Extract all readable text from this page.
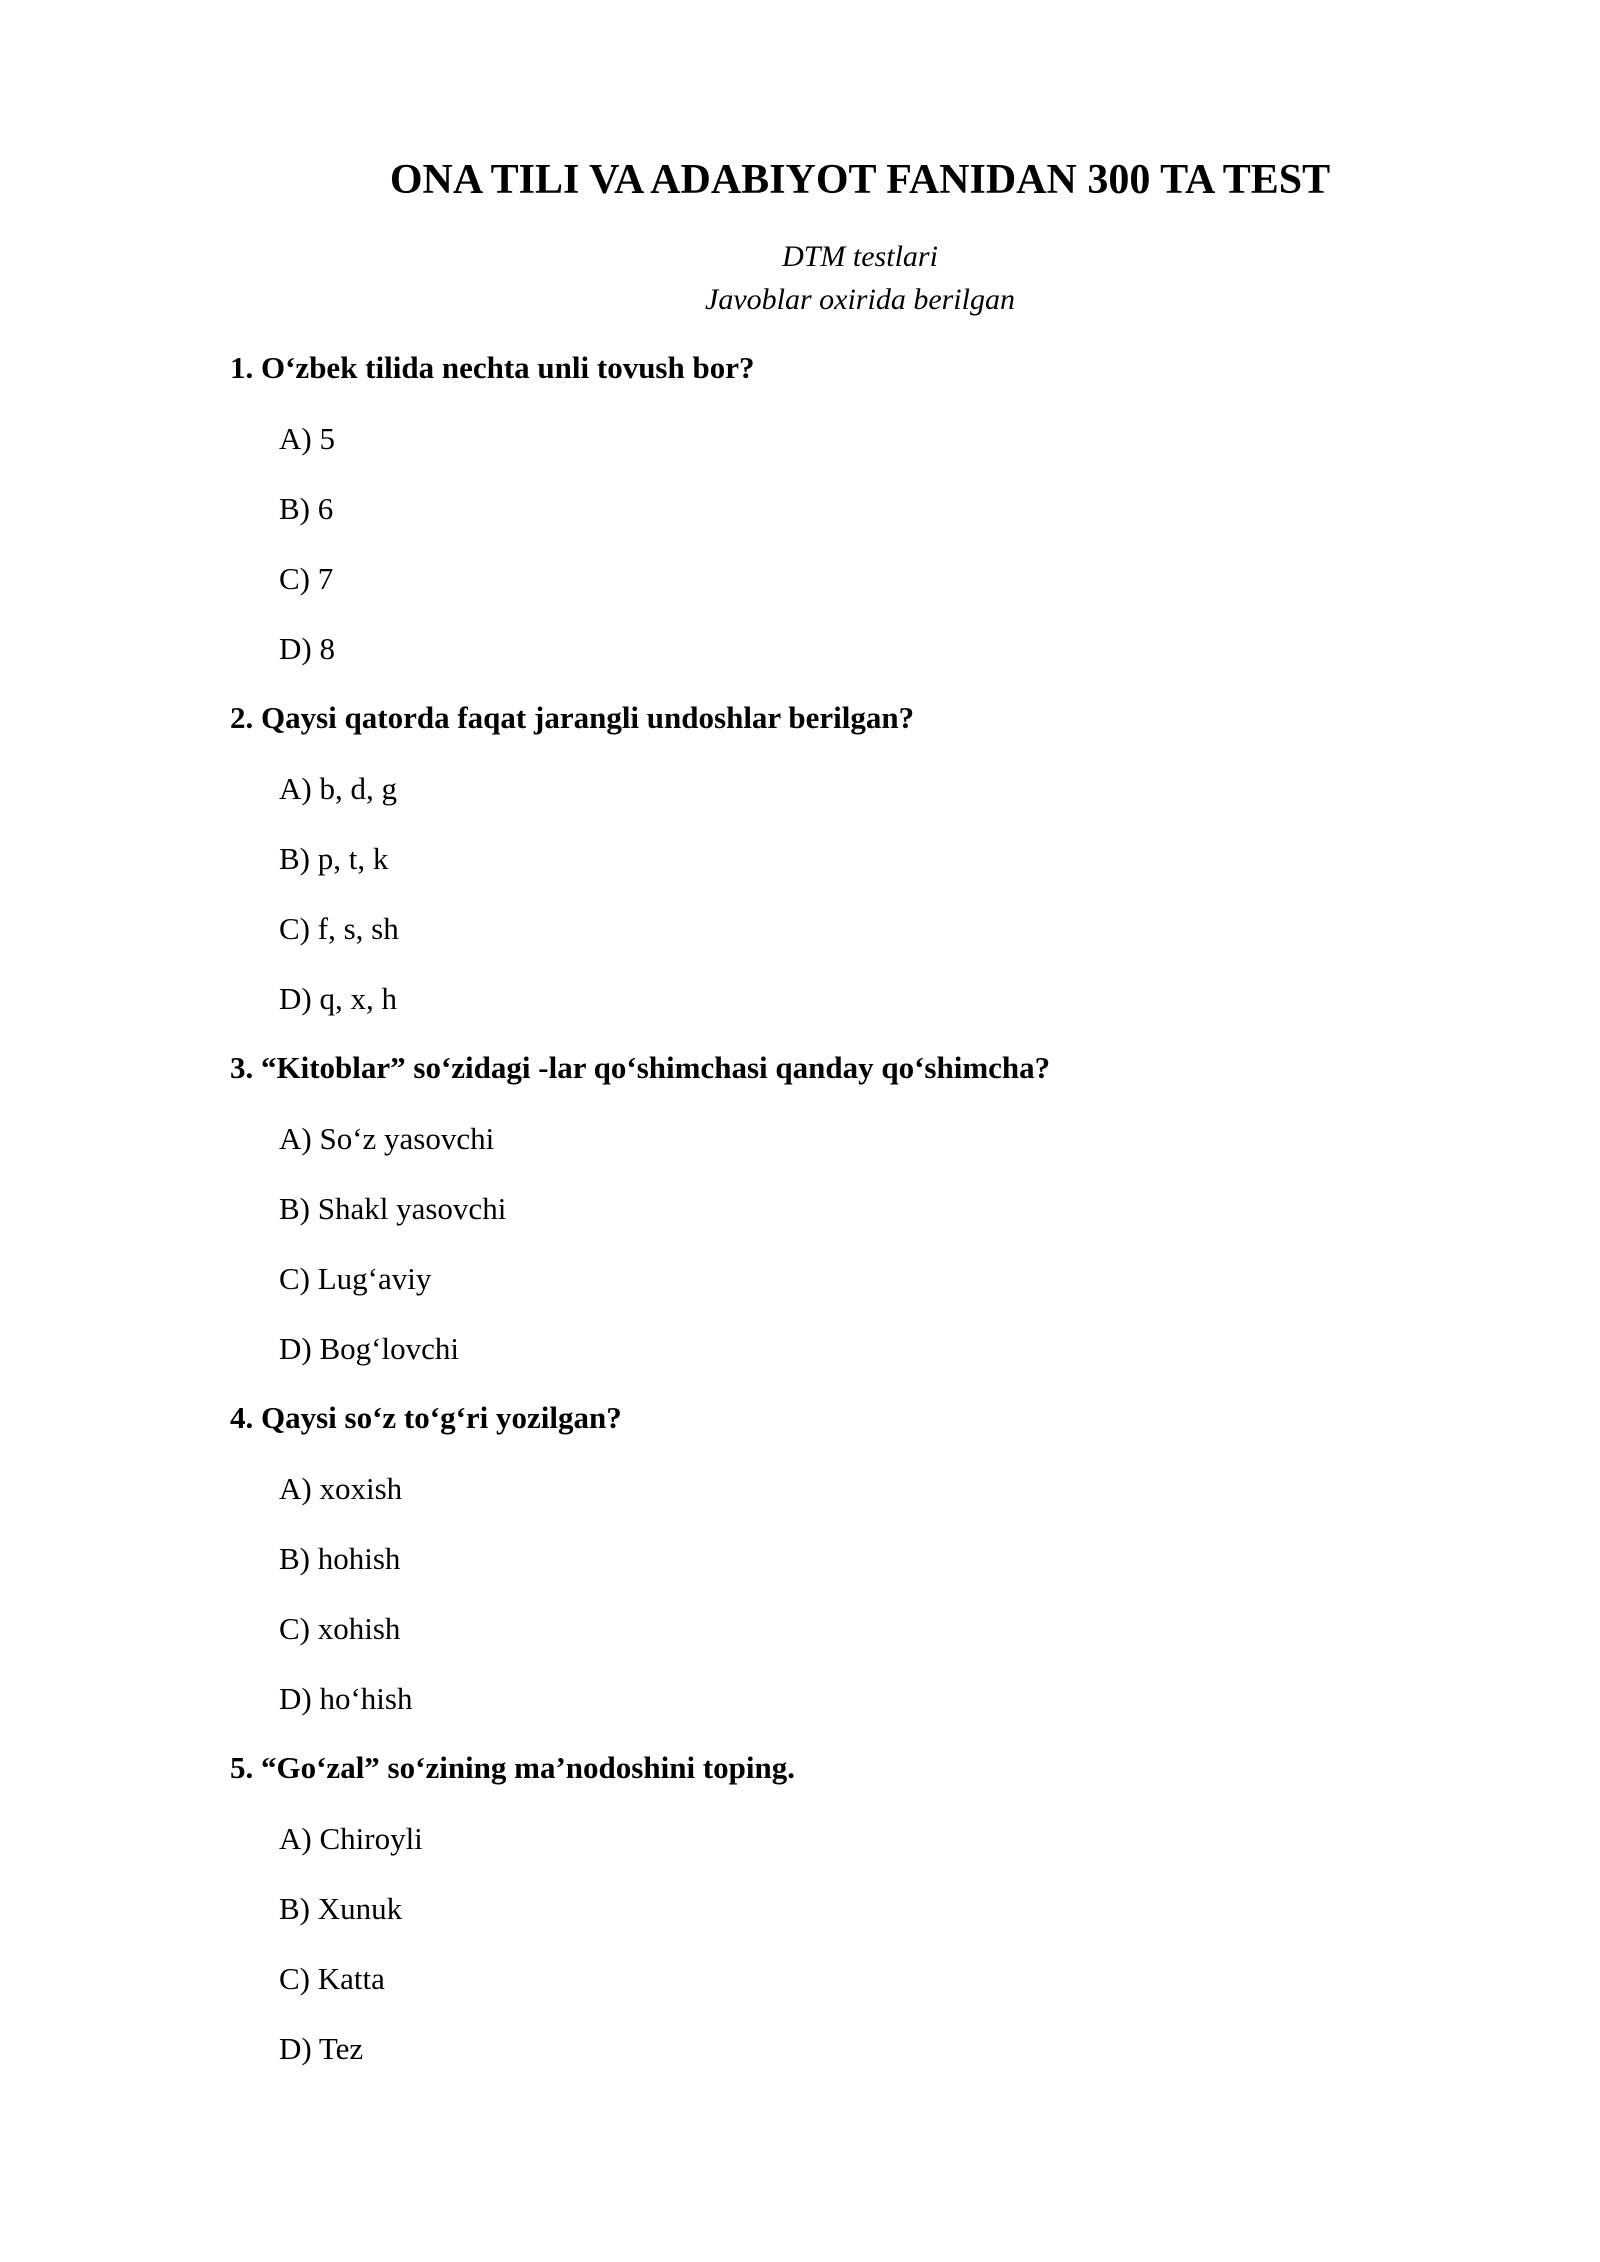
ONA TILI VA ADABIYOT FANIDAN 300 TA TEST
DTM testlari
Javoblar oxirida berilgan
1. O‘zbek tilida nechta unli tovush bor?
A) 5
B) 6
C) 7
D) 8
2. Qaysi qatorda faqat jarangli undoshlar berilgan?
A) b, d, g
B) p, t, k
C) f, s, sh
D) q, x, h
3. “Kitoblar” so‘zidagi -lar qo‘shimchasi qanday qo‘shimcha?
A) So‘z yasovchi
B) Shakl yasovchi
C) Lug‘aviy
D) Bog‘lovchi
4. Qaysi so‘z to‘g‘ri yozilgan?
A) xoxish
B) hohish
C) xohish
D) ho‘hish
5. “Go‘zal” so‘zining ma’nodoshini toping.
A) Chiroyli
B) Xunuk
C) Katta
D) Tez
